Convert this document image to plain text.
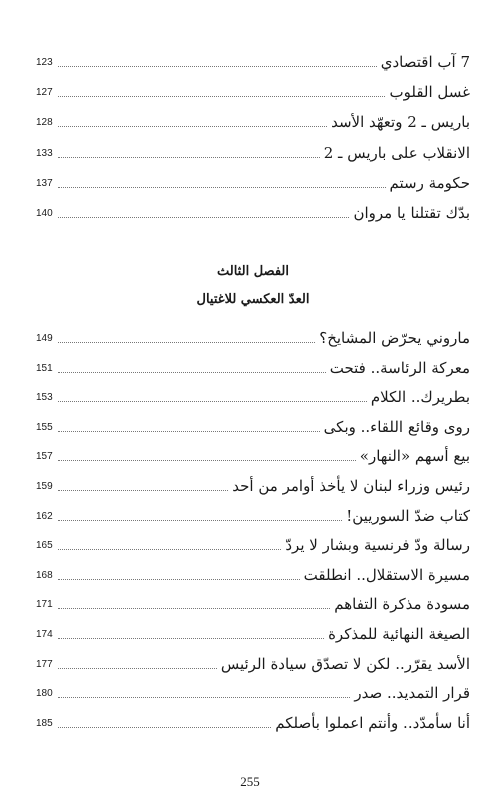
7 آب اقتصادي
123
غسل القلوب
127
باريس ـ 2 وتعهّد الأسد
128
الانقلاب على باريس ـ 2
133
حكومة رستم
137
بدّك تقتلنا يا مروان
140
الفصل الثالث
العدّ العكسي للاغتيال
ماروني يحرّض المشايخ؟
149
معركة الرئاسة.. فتحت
151
بطريرك.. الكلام
153
روى وقائع اللقاء.. وبكى
155
بيع أسهم «النهار»
157
رئيس وزراء لبنان لا يأخذ أوامر من أحد
159
كتاب ضدّ السوريين!
162
رسالة ودّ فرنسية وبشار لا يردّ
165
مسيرة الاستقلال.. انطلقت
168
مسودة مذكرة التفاهم
171
الصيغة النهائية للمذكرة
174
الأسد يقرّر.. لكن لا تصدّق سيادة الرئيس
177
قرار التمديد.. صدر
180
أنا سأمدّد.. وأنتم اعملوا بأصلكم
185
255
